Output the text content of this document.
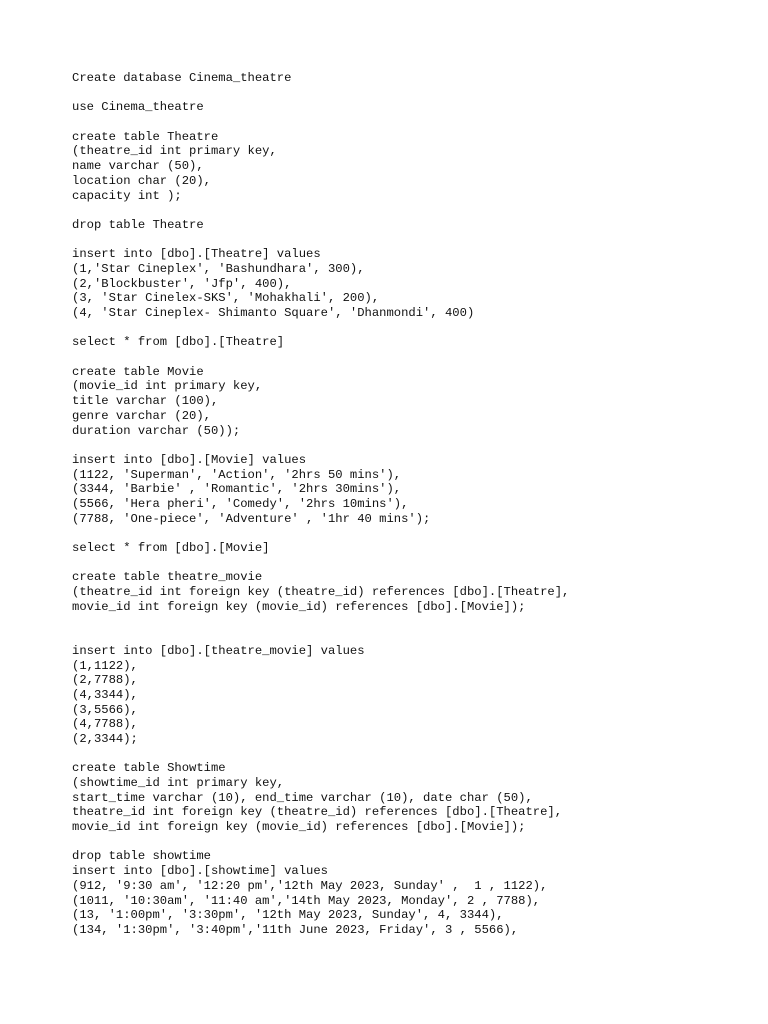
Create database Cinema_theatre
use Cinema_theatre
create table Theatre
(theatre_id int primary key,
name varchar (50),
location char (20),
capacity int );
drop table Theatre
insert into [dbo].[Theatre] values
(1,'Star Cineplex', 'Bashundhara', 300),
(2,'Blockbuster', 'Jfp', 400),
(3, 'Star Cinelex-SKS', 'Mohakhali', 200),
(4, 'Star Cineplex- Shimanto Square', 'Dhanmondi', 400)
select * from [dbo].[Theatre]
create table Movie
(movie_id int primary key,
title varchar (100),
genre varchar (20),
duration varchar (50));
insert into [dbo].[Movie] values
(1122, 'Superman', 'Action', '2hrs 50 mins'),
(3344, 'Barbie' , 'Romantic', '2hrs 30mins'),
(5566, 'Hera pheri', 'Comedy', '2hrs 10mins'),
(7788, 'One-piece', 'Adventure' , '1hr 40 mins');
select * from [dbo].[Movie]
create table theatre_movie
(theatre_id int foreign key (theatre_id) references [dbo].[Theatre],
movie_id int foreign key (movie_id) references [dbo].[Movie]);
insert into [dbo].[theatre_movie] values
(1,1122),
(2,7788),
(4,3344),
(3,5566),
(4,7788),
(2,3344);
create table Showtime
(showtime_id int primary key,
start_time varchar (10), end_time varchar (10), date char (50),
theatre_id int foreign key (theatre_id) references [dbo].[Theatre],
movie_id int foreign key (movie_id) references [dbo].[Movie]);
drop table showtime
insert into [dbo].[showtime] values
(912, '9:30 am', '12:20 pm','12th May 2023, Sunday' ,  1 , 1122),
(1011, '10:30am', '11:40 am','14th May 2023, Monday', 2 , 7788),
(13, '1:00pm', '3:30pm', '12th May 2023, Sunday', 4, 3344),
(134, '1:30pm', '3:40pm','11th June 2023, Friday', 3 , 5566),
